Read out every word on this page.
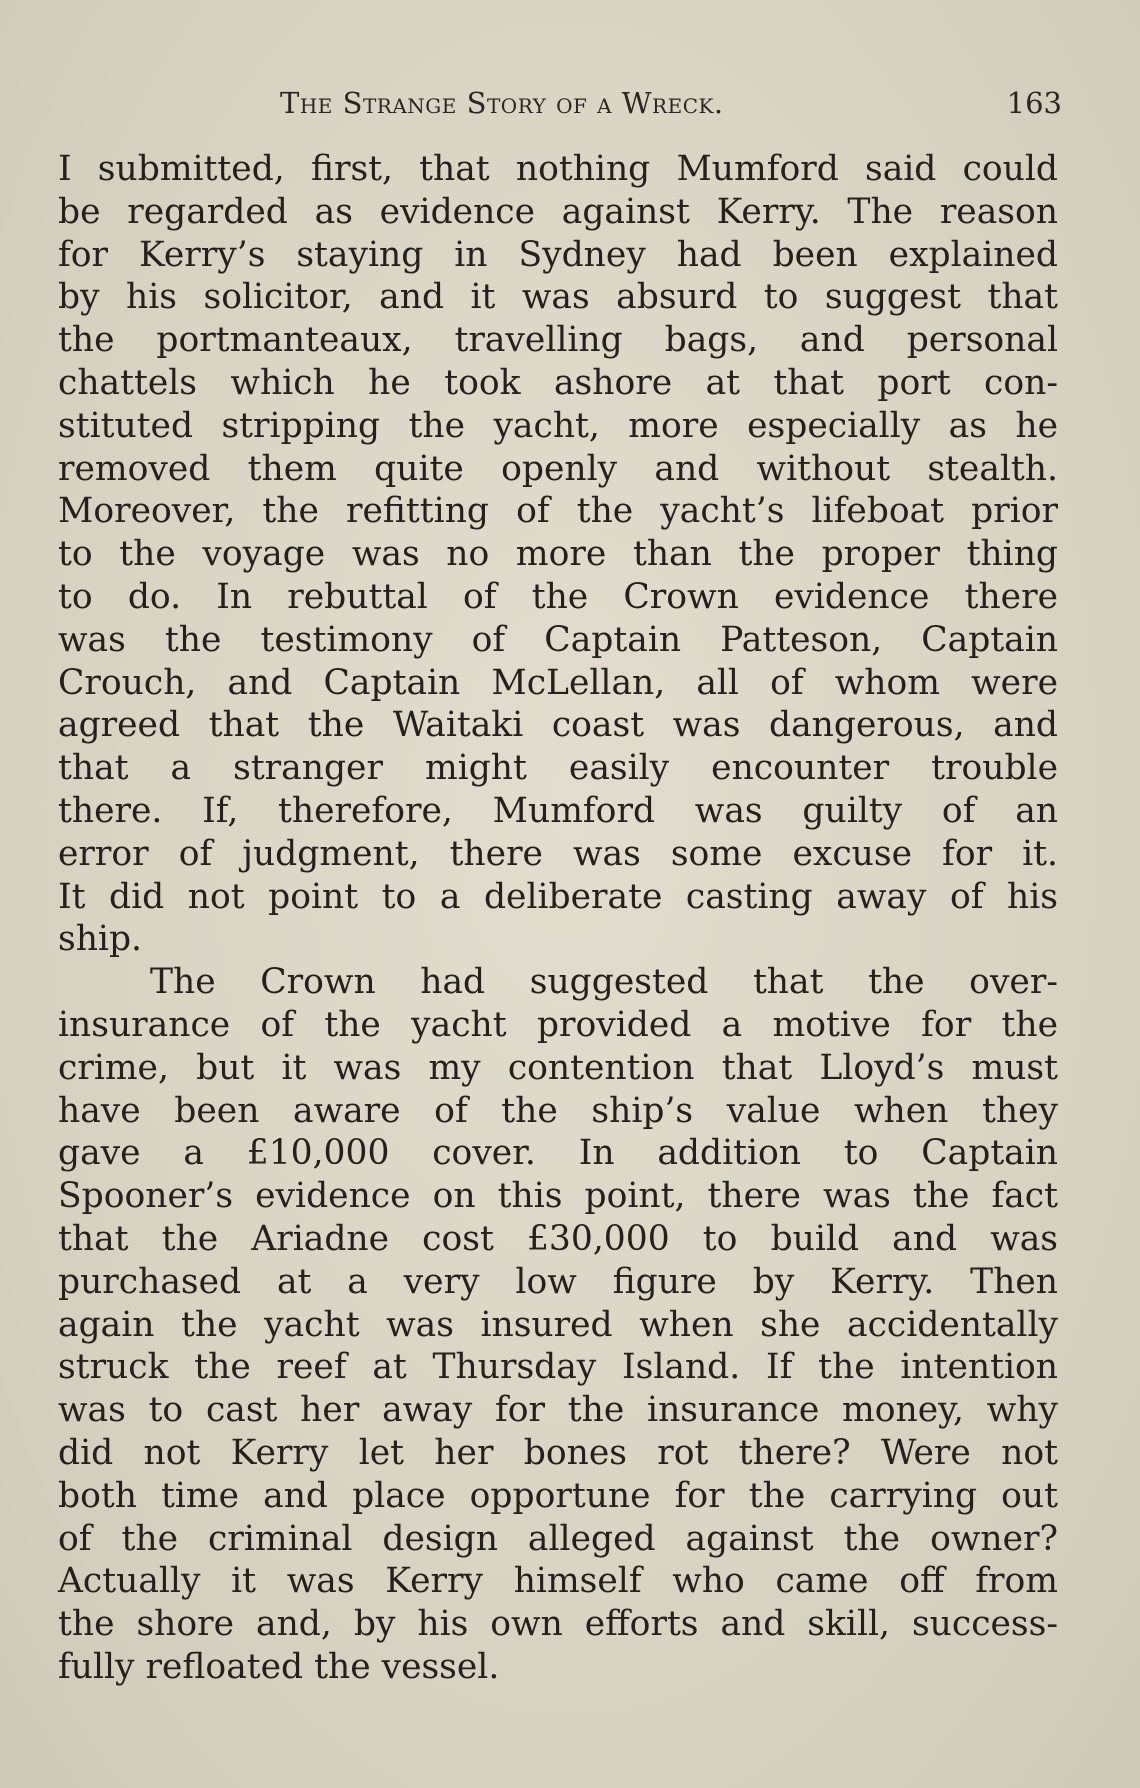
The Strange Story of a Wreck.	163
I submitted, first, that nothing Mumford said could
be regarded as evidence against Kerry. The reason
for Kerry’s staying in Sydney had been explained
by his solicitor, and it was absurd to suggest that
the portmanteaux, travelling bags, and personal
chattels which he took ashore at that port con-
stituted stripping the yacht, more especially as he
removed them quite openly and without stealth.
Moreover, the refitting of the yacht’s lifeboat prior
to the voyage was no more than the proper thing
to do. In rebuttal of the Crown evidence there
was the testimony of Captain Patteson, Captain
Crouch, and Captain McLellan, all of whom were
agreed that the Waitaki coast was dangerous, and
that a stranger might easily encounter trouble
there. If, therefore, Mumford was guilty of an
error of judgment, there was some excuse for it.
It did not point to a deliberate casting away of his
ship.
The Crown had suggested that the over-
insurance of the yacht provided a motive for the
crime, but it was my contention that Lloyd’s must
have been aware of the ship’s value when they
gave a £10,000 cover. In addition to Captain
Spooner’s evidence on this point, there was the fact
that the Ariadne cost £30,000 to build and was
purchased at a very low figure by Kerry. Then
again the yacht was insured when she accidentally
struck the reef at Thursday Island. If the intention
was to cast her away for the insurance money, why
did not Kerry let her bones rot there? Were not
both time and place opportune for the carrying out
of the criminal design alleged against the owner?
Actually it was Kerry himself who came off from
the shore and, by his own efforts and skill, success-
fully refloated the vessel.
